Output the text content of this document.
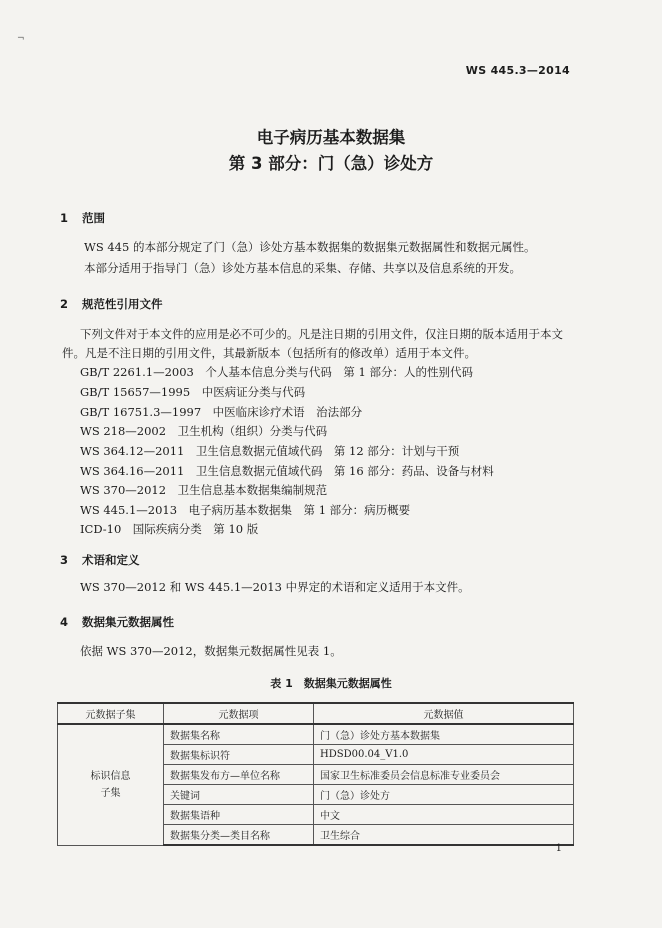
¬
WS 445.3—2014
电子病历基本数据集
第 3 部分：门（急）诊处方
1 范围
WS 445 的本部分规定了门（急）诊处方基本数据集的数据集元数据属性和数据元属性。
本部分适用于指导门（急）诊处方基本信息的采集、存储、共享以及信息系统的开发。
2 规范性引用文件
下列文件对于本文件的应用是必不可少的。凡是注日期的引用文件，仅注日期的版本适用于本文
件。凡是不注日期的引用文件，其最新版本（包括所有的修改单）适用于本文件。
GB/T 2261.1—2003　个人基本信息分类与代码　第 1 部分：人的性别代码
GB/T 15657—1995　中医病证分类与代码
GB/T 16751.3—1997　中医临床诊疗术语　治法部分
WS 218—2002　卫生机构（组织）分类与代码
WS 364.12—2011　卫生信息数据元值域代码　第 12 部分：计划与干预
WS 364.16—2011　卫生信息数据元值域代码　第 16 部分：药品、设备与材料
WS 370—2012　卫生信息基本数据集编制规范
WS 445.1—2013　电子病历基本数据集　第 1 部分：病历概要
ICD-10　国际疾病分类　第 10 版
3 术语和定义
WS 370—2012 和 WS 445.1—2013 中界定的术语和定义适用于本文件。
4 数据集元数据属性
依据 WS 370—2012，数据集元数据属性见表 1。
表 1　数据集元数据属性
元数据子集	元数据项	元数据值
标识信息
子集	数据集名称	门（急）诊处方基本数据集
	数据集标识符	HDSD00.04_V1.0
	数据集发布方—单位名称	国家卫生标准委员会信息标准专业委员会
	关键词	门（急）诊处方
	数据集语种	中文
	数据集分类—类目名称	卫生综合
1
